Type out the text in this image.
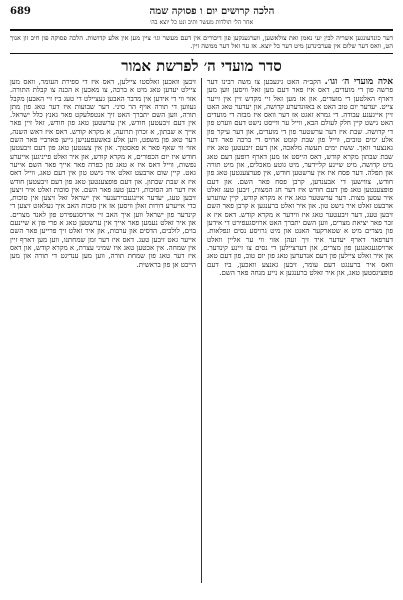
הלכה קרושים יום ו פסוקה שמה
689
אחר הל׳ תולדות מעשר ותיב ונט כל יוצא בה׳
דער כונדעונגען אשריה לבין יעי נאמן ואת צולאשען, ווערגענקען פון דיבורים אין דעם מעשר וגו׳ ציין מען אין אלע קדושות. הלכה פסוקה פון חיב זון אנוך הט, וואס דער שלום אין פערבינדען מיט דער כל יוצא. אז ער זאל דער ממשה זיין.
סדר מועדי ה׳ לפרשת אמור
אלה מועדי ה׳ וגו׳. הקב״ה האט גיגעבען צו משה רבינו דער פרשה פון די מועדים, דאס איז פאר דעם מען זאל וויסען ווען מען דארף האלטען די מועדים, און אז מען זאל זיי מקדש זיין אין זייער צייט. יעדער יום טוב האט א באזונדערע קדושה, און יעדער טאג האט זיין אייגענע עבודה. די גמרא זאגט אז דער וואס איז מבזה די מועדים האט נישט קיין חלק לעולם הבא, ווייל ער ווייסט נישט דעם ווערט פון די קדושה. שבת איז דער ערשטער פון די מועדים, און דער עיקר פון אלע ימים טובים, ווייל פון שבת קומט ארויס די ברכה פאר דער גאנצער וואך. ששת ימים תעשה מלאכה, און דעם זיבעטען טאג איז שבת שבתון מקרא קודש, דאס הייסט אז מען דארף רופען דעם טאג מיט קדושה, מיט שיינע קליידער, מיט גוטע מאכלים, און מיט תורה און תפלה. דער פסח איז אין ערשטען חודש, אין פערצענטען טאג פון חודש, צווישען די אבענדען, קרבן פסח פאר השם. און דעם פופצענטען טאג פון דעם חודש איז דער חג המצות, זיבען טעג זאלט איר עסען מצות. דער ערשטער טאג איז א מקרא קודש, קיין שווערע ארבעט זאלט איר נישט טון. און איר זאלט ברענגען א קרבן פאר השם זיבען טעג, דער זיבעטער טאג איז ווידער א מקרא קודש. דאס איז א זכר פאר יציאת מצרים, ווען השם יתברך האט ארויסגעפירט די אידען פון מצרים מיט א שטארקער האנט און מיט גרויסע נסים ונפלאות. דערפאר דארף יעדער איד זיך זעהן אזוי ווי ער אליין וואלט ארויסגעגאנגען פון מצרים, און דערציילען די נסים צו זיינע קינדער. און איר זאלט ציילען פון דעם אנדערען טאג פון יום טוב, פון דעם טאג וואס איר ברענגט דעם עומר, זיבען גאנצע וואכען, ביז דעם פופציגסטען טאג, און איר זאלט ברענגען א נייע מנחה פאר השם.
זיבען וואכען זאלסטו ציילען, דאס איז די ספירת העומר, וואס מען ציילט יעדען טאג מיט א ברכה, צו מאכען א הכנה צו קבלת התורה. אזוי ווי די אידען אין מדבר האבען געציילט די טעג ביז זיי האבען מקבל געווען די תורה אויף הר סיני. דער שבועות איז דער טאג פון מתן תורה, ווען השם יתברך האט זיך אנטפלעקט פאר גאנץ כלל ישראל. אין דעם זיבעטען חודש, אין ערשטען טאג פון חודש, זאל זיין פאר אייך א שבתון, א זכרון תרועה, א מקרא קודש. דאס איז ראש השנה, דער טאג פון משפט, ווען אלע באשעפענישן גייען פארביי פאר השם אזוי ווי שאף פאר א פאסטוך. און אין צענטען טאג פון דעם זיבעטען חודש איז יום הכפורים, א מקרא קודש, און איר זאלט פייניגען אייערע נפשות, ווייל דאס איז א טאג פון כפרה פאר אייך פאר השם אייער גאט. קיין שום ארבעט זאלט איר נישט טון אין דעם טאג, ווייל דאס איז א שבת שבתון. און דעם פופצענטען טאג פון דעם זיבעטען חודש איז דער חג הסוכות, זיבען טעג פאר השם. אין סוכות זאלט איר זיצען זיבען טעג, יעדער איינגעבוירענער אין ישראל זאל זיצען אין סוכות, כדי אייערע דורות זאלן וויסען אז אין סוכות האב איך געלאזט זיצען די קינדער פון ישראל ווען איך האב זיי ארויסגעפירט פון לאנד מצרים. און איר זאלט נעמען פאר אייך אין ערשטען טאג א פרי פון א שיינעם בוים, לולבים, הדסים און ערבות, און איר זאלט זיך פרייען פאר השם אייער גאט זיבען טעג. דאס איז דער זמן שמחתנו, ווען מען דארף זיין אין שמחה. אין אכטען טאג איז שמיני עצרת, א מקרא קודש, און דאס איז דער טאג פון שמחת תורה, ווען מען ענדיגט די תורה און מען הייבט אן פון בראשית.
